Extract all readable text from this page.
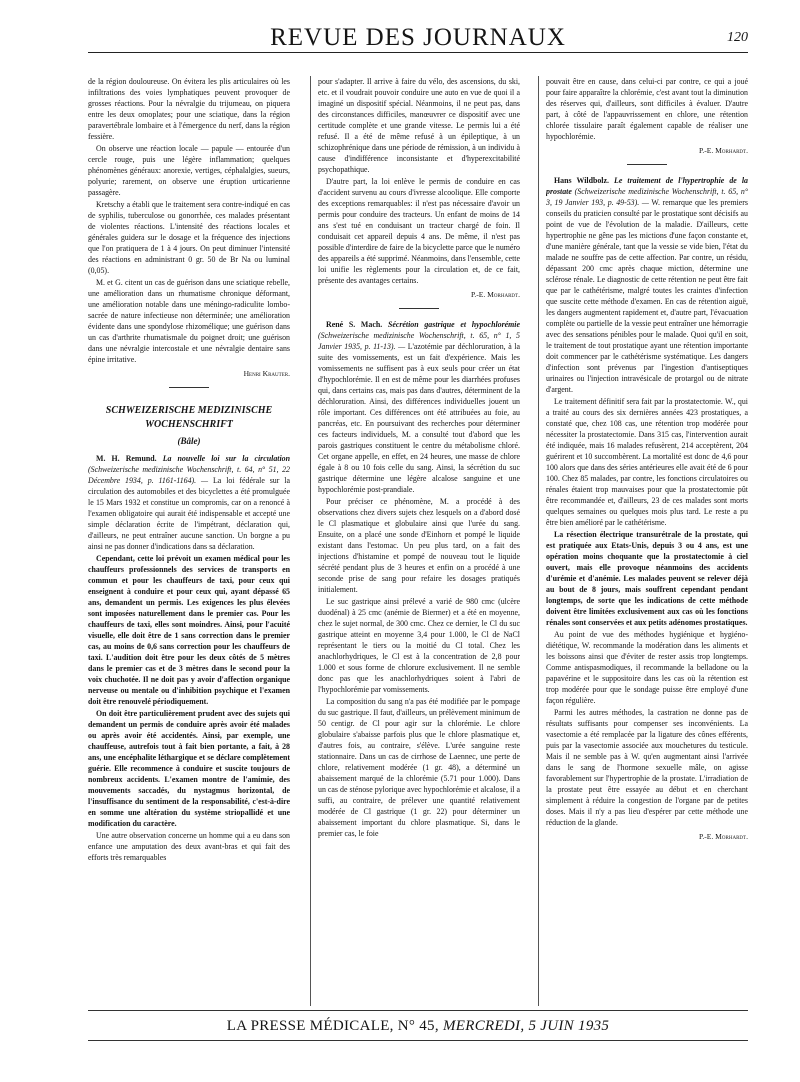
REVUE DES JOURNAUX	120

de la région douloureuse. On évitera les plis articulaires où les infiltrations des voies lymphatiques peuvent provoquer de grosses réactions. Pour la névralgie du trijumeau, on piquera entre les deux omoplates; pour une sciatique, dans la région paravertébrale lombaire et à l'émergence du nerf, dans la région fessière.

On observe une réaction locale — papule — entourée d'un cercle rouge, puis une légère inflammation; quelques phénomènes généraux: anorexie, vertiges, céphalalgies, sueurs, polyurie; rarement, on observe une éruption urticarienne passagère.

Kretschy a établi que le traitement sera contre-indiqué en cas de syphilis, tuberculose ou gonorrhée, ces malades présentant de violentes réactions. L'intensité des réactions locales et générales guidera sur le dosage et la fréquence des injections que l'on pratiquera de 1 à 4 jours. On peut diminuer l'intensité des réactions en administrant 0 gr. 50 de Br Na ou luminal (0,05).

M. et G. citent un cas de guérison dans une sciatique rebelle, une amélioration dans un rhumatisme chronique déformant, une amélioration notable dans une méningo-radiculite lombo-sacrée de nature infectieuse non déterminée; une amélioration évidente dans une spondylose rhizomélique; une guérison dans un cas d'arthrite rhumatismale du poignet droit; une guérison dans une névralgie intercostale et une névralgie dentaire sans épine irritative.

Henri Krauter.
SCHWEIZERISCHE MEDIZINISCHE WOCHENSCHRIFT
(Bâle)

M. H. Remund. La nouvelle loi sur la circulation (Schweizerische medizinische Wochenschrift, t. 64, n° 51, 22 Décembre 1934, p. 1161-1164). — La loi fédérale sur la circulation des automobiles et des bicyclettes a été promulguée le 15 Mars 1932 et constitue un compromis, car on a renoncé à l'examen obligatoire qui aurait été indispensable et accepté une simple déclaration écrite de l'impétrant, déclaration qui, d'ailleurs, ne peut entraîner aucune sanction. Un borgne a pu ainsi ne pas donner d'indications dans sa déclaration.

Cependant, cette loi prévoit un examen médical pour les chauffeurs professionnels des services de transports en commun et pour les chauffeurs de taxi, pour ceux qui enseignent à conduire et pour ceux qui, ayant dépassé 65 ans, demandent un permis. Les exigences les plus élevées sont imposées naturellement dans le premier cas. Pour les chauffeurs de taxi, elles sont moindres. Ainsi, pour l'acuité visuelle, elle doit être de 1 sans correction dans le premier cas, au moins de 0,6 sans correction pour les chauffeurs de taxi. L'audition doit être pour les deux côtés de 5 mètres dans le premier cas et de 3 mètres dans le second pour la voix chuchotée. Il ne doit pas y avoir d'affection organique nerveuse ou mentale ou d'inhibition psychique et l'examen doit être renouvelé périodiquement.

On doit être particulièrement prudent avec des sujets qui demandent un permis de conduire après avoir été malades ou après avoir été accidentés. Ainsi, par exemple, une chauffeuse, autrefois tout à fait bien portante, a fait, à 28 ans, une encéphalite léthargique et se déclare complètement guérie. Elle recommence à conduire et suscite toujours de nombreux accidents. L'examen montre de l'amimie, des mouvements saccadés, du nystagmus horizontal, de l'insuffisance du sentiment de la responsabilité, c'est-à-dire en somme une altération du système striopallidé et une modification du caractère.

Une autre observation concerne un homme qui a eu dans son enfance une amputation des deux avant-bras et qui fait des efforts très remarquables

pour s'adapter. Il arrive à faire du vélo, des ascensions, du ski, etc. et il voudrait pouvoir conduire une auto en vue de quoi il a imaginé un dispositif spécial. Néanmoins, il ne peut pas, dans des circonstances difficiles, manœuvrer ce dispositif avec une certitude complète et une grande vitesse. Le permis lui a été refusé. Il a été de même refusé à un épileptique, à un schizophrénique dans une période de rémission, à un individu à cause d'indifférence inconsistante et d'hyperexcitabilité psychopathique.

D'autre part, la loi enlève le permis de conduire en cas d'accident survenu au cours d'ivresse alcoolique. Elle comporte des exceptions remarquables: il n'est pas nécessaire d'avoir un permis pour conduire des tracteurs. Un enfant de moins de 14 ans s'est tué en conduisant un tracteur chargé de foin. Il conduisait cet appareil depuis 4 ans. De même, il n'est pas possible d'interdire de faire de la bicyclette parce que le numéro des appareils a été supprimé. Néanmoins, dans l'ensemble, cette loi unifie les règlements pour la circulation et, de ce fait, présente des avantages certains.

P.-E. Morhardt.

René S. Mach. Sécrétion gastrique et hypochlorémie (Schweizerische medizinische Wochenschrift, t. 65, n° 1, 5 Janvier 1935, p. 11-13). — L'azotémie par déchloruration, à la suite des vomissements, est un fait d'expérience. Mais les vomissements ne suffisent pas à eux seuls pour créer un état d'hypochlorémie. Il en est de même pour les diarrhées profuses qui, dans certains cas, mais pas dans d'autres, déterminent de la déchloruration. Ainsi, des différences individuelles jouent un rôle important. Ces différences ont été attribuées au foie, au pancréas, etc. En poursuivant des recherches pour déterminer ces facteurs individuels, M. a consulté tout d'abord que les parois gastriques constituent le centre du métabolisme chloré. Cet organe appelle, en effet, en 24 heures, une masse de chlore égale à 8 ou 10 fois celle du sang. Ainsi, la sécrétion du suc gastrique détermine une légère alcalose sanguine et une hypochlorémie post-prandiale.

Pour préciser ce phénomène, M. a procédé à des observations chez divers sujets chez lesquels on a d'abord dosé le Cl plasmatique et globulaire ainsi que l'urée du sang. Ensuite, on a placé une sonde d'Einhorn et pompé le liquide existant dans l'estomac. Un peu plus tard, on a fait des injections d'histamine et pompé de nouveau tout le liquide sécrété pendant plus de 3 heures et enfin on a procédé à une seconde prise de sang pour refaire les dosages pratiqués initialement.

Le suc gastrique ainsi prélevé a varié de 980 cmc (ulcère duodénal) à 25 cmc (anémie de Biermer) et a été en moyenne, chez le sujet normal, de 300 cmc. Chez ce dernier, le Cl du suc gastrique atteint en moyenne 3,4 pour 1.000, le Cl de NaCl représentant le tiers ou la moitié du Cl total. Chez les anachlorhydriques, le Cl est à la concentration de 2,8 pour 1.000 et sous forme de chlorure exclusivement. Il ne semble donc pas que les anachlorhydriques soient à l'abri de l'hypochlorémie par vomissements.

La composition du sang n'a pas été modifiée par le pompage du suc gastrique. Il faut, d'ailleurs, un prélèvement minimum de 50 centigr. de Cl pour agir sur la chlorémie. Le chlore globulaire s'abaisse parfois plus que le chlore plasmatique et, d'autres fois, au contraire, s'élève. L'urée sanguine reste stationnaire. Dans un cas de cirrhose de Laennec, une perte de chlore, relativement modérée (1 gr. 48), a déterminé un abaissement marqué de la chlorémie (5.71 pour 1.000). Dans un cas de sténose pylorique avec hypochlorémie et alcalose, il a suffi, au contraire, de prélever une quantité relativement modérée de Cl gastrique (1 gr. 22) pour déterminer un abaissement important du chlore plasmatique. Si, dans le premier cas, le foie

pouvait être en cause, dans celui-ci par contre, ce qui a joué pour faire apparaître la chlorémie, c'est avant tout la diminution des réserves qui, d'ailleurs, sont difficiles à évaluer. D'autre part, à côté de l'appauvrissement en chlore, une rétention chlorée tissulaire paraît également capable de réaliser une hypochlorémie.

P.-E. Morhardt.

Hans Wildbolz. Le traitement de l'hypertrophie de la prostate (Schweizerische medizinische Wochenschrift, t. 65, n° 3, 19 Janvier 193, p. 49-53). — W. remarque que les premiers conseils du praticien consulté par le prostatique sont décisifs au point de vue de l'évolution de la maladie. D'ailleurs, cette hypertrophie ne gêne pas les mictions d'une façon constante et, d'une manière générale, tant que la vessie se vide bien, l'état du malade ne souffre pas de cette affection. Par contre, un résidu, dépassant 200 cmc après chaque miction, détermine une sclérose rénale. Le diagnostic de cette rétention ne peut être fait que par le cathétérisme, malgré toutes les craintes d'infection que suscite cette méthode d'examen. En cas de rétention aiguë, les dangers augmentent rapidement et, d'autre part, l'évacuation complète ou partielle de la vessie peut entraîner une hémorragie avec des sensations pénibles pour le malade. Quoi qu'il en soit, le traitement de tout prostatique ayant une rétention importante doit commencer par le cathétérisme systématique. Les dangers d'infection sont prévenus par l'ingestion d'antiseptiques urinaires ou l'injection intravésicale de protargol ou de nitrate d'argent.

Le traitement définitif sera fait par la prostatectomie. W., qui a traité au cours des six dernières années 423 prostatiques, a constaté que, chez 108 cas, une rétention trop modérée pour nécessiter la prostatectomie. Dans 315 cas, l'intervention aurait été indiquée, mais 16 malades refusèrent, 214 acceptèrent, 204 guérirent et 10 succombèrent. La mortalité est donc de 4,6 pour 100 alors que dans des séries antérieures elle avait été de 6 pour 100. Chez 85 malades, par contre, les fonctions circulatoires ou rénales étaient trop mauvaises pour que la prostatectomie pût être recommandée et, d'ailleurs, 23 de ces malades sont morts quelques semaines ou quelques mois plus tard. Le reste a pu être bien amélioré par le cathétérisme.

La résection électrique transurétrale de la prostate, qui est pratiquée aux Etats-Unis, depuis 3 ou 4 ans, est une opération moins choquante que la prostatectomie à ciel ouvert, mais elle provoque néanmoins des accidents d'urémie et d'anémie. Les malades peuvent se relever déjà au bout de 8 jours, mais souffrent cependant pendant longtemps, de sorte que les indications de cette méthode doivent être limitées exclusivement aux cas où les fonctions rénales sont conservées et aux petits adénomes prostatiques.

Au point de vue des méthodes hygiénique et hygiéno-diététique, W. recommande la modération dans les aliments et les boissons ainsi que d'éviter de rester assis trop longtemps. Comme antispasmodiques, il recommande la belladone ou la papavérine et le suppositoire dans les cas où la rétention est trop modérée pour que le sondage puisse être employé d'une façon régulière.

Parmi les autres méthodes, la castration ne donne pas de résultats suffisants pour compenser ses inconvénients. La vasectomie a été remplacée par la ligature des cônes efférents, puis par la vasectomie associée aux mouchetures du testicule. Mais il ne semble pas à W. qu'en augmentant ainsi l'arrivée dans le sang de l'hormone sexuelle mâle, on agisse favorablement sur l'hypertrophie de la prostate. L'irradiation de la prostate peut être essayée au début et en cherchant simplement à réduire la congestion de l'organe par de petites doses. Mais il n'y a pas lieu d'espérer par cette méthode une réduction de la glande.

P.-E. Morhardt.
LA PRESSE MÉDICALE, N° 45, MERCREDI, 5 JUIN 1935
